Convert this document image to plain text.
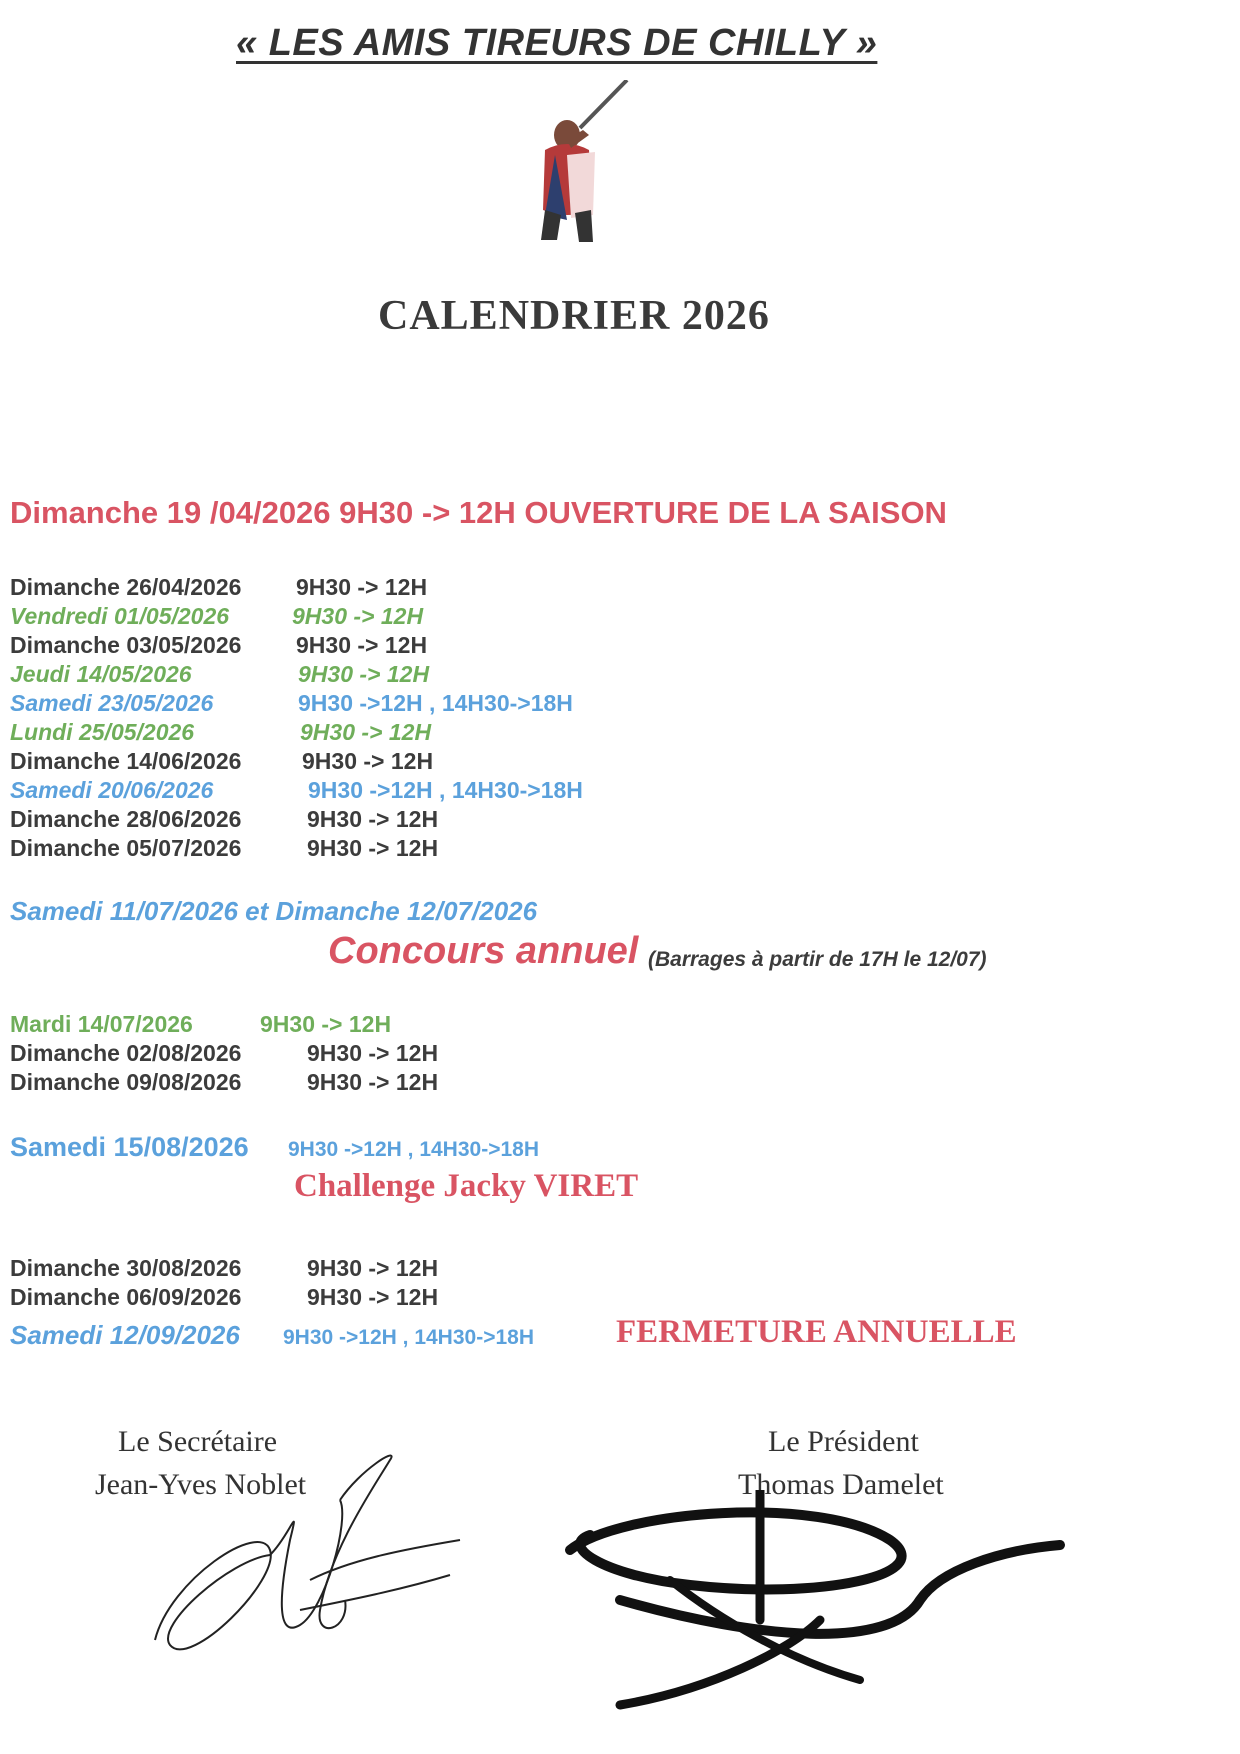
« LES AMIS TIREURS DE CHILLY »
CALENDRIER 2026
Dimanche 19 /04/2026 9H30 -> 12H OUVERTURE DE LA SAISON
Dimanche 26/04/2026 9H30 -> 12H
Vendredi 01/05/2026	9H30 -> 12H
Dimanche 03/05/2026 9H30 -> 12H
Jeudi 14/05/2026	9H30 -> 12H
Samedi 23/05/2026	9H30 ->12H , 14H30->18H
Lundi 25/05/2026	9H30 -> 12H
Dimanche 14/06/2026	9H30 -> 12H
Samedi 20/06/2026	9H30 ->12H , 14H30->18H
Dimanche 28/06/2026	9H30 -> 12H
Dimanche 05/07/2026	9H30 -> 12H
Samedi 11/07/2026 et Dimanche 12/07/2026
Concours annuel (Barrages à partir de 17H le 12/07)
Mardi 14/07/2026	9H30 -> 12H
Dimanche 02/08/2026	9H30 -> 12H
Dimanche 09/08/2026	9H30 -> 12H
Samedi 15/08/2026 9H30 ->12H , 14H30->18H
Challenge Jacky VIRET
Dimanche 30/08/2026	9H30 -> 12H
Dimanche 06/09/2026	9H30 -> 12H
Samedi 12/09/2026 9H30 ->12H , 14H30->18H FERMETURE ANNUELLE
Le Secrétaire
Jean-Yves Noblet
Le Président
Thomas Damelet
